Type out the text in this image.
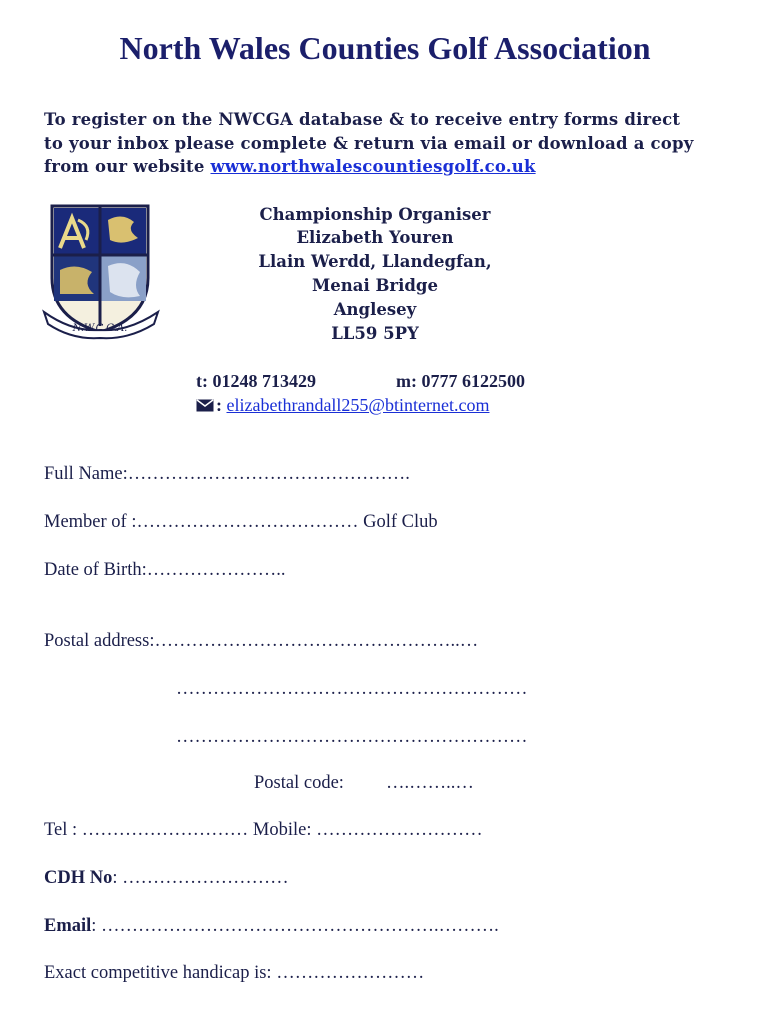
North Wales Counties Golf Association
To register on the NWCGA database & to receive entry forms direct
to your inbox please complete & return via email or download a copy
from our website www.northwalescountiesgolf.co.uk
N.W.C.G.A.
Championship Organiser
Elizabeth Youren
Llain Werdd, Llandegfan,
Menai Bridge
Anglesey
LL59 5PY
t: 01248 713429	m: 0777 6122500
: elizabethrandall255@btinternet.com
Full Name:……………………………………….
Member of :……………………………… Golf Club
Date of Birth:…………………..
Postal address:…………………………………………..…
…………………………………………………
…………………………………………………
Postal code: ….……..…
Tel : ……………………… Mobile: ………………………
CDH No: ………………………
Email: ……………………………………………….……….
Exact competitive handicap is: ……………………
